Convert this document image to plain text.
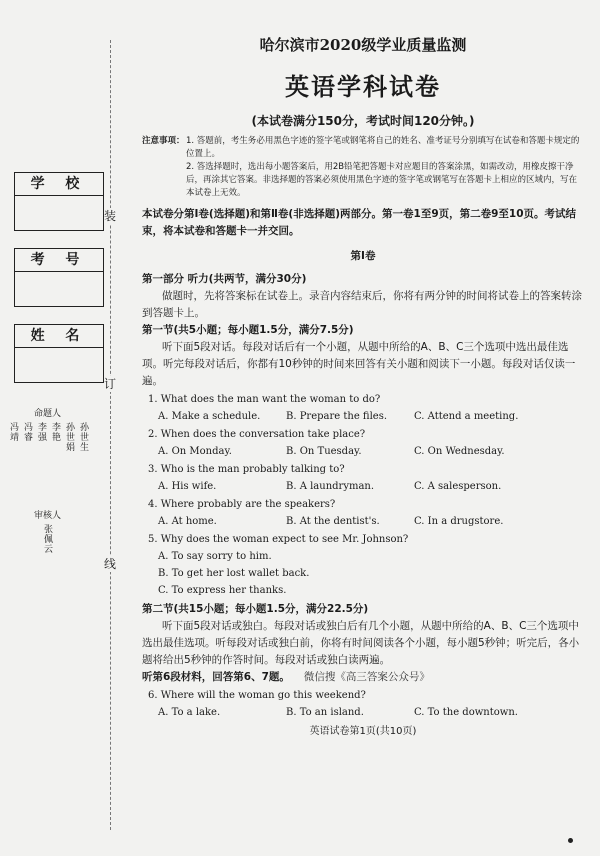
装
订
线
学 校
考 号
姓 名
命题人
冯靖 冯睿 李强 李艳 孙世娟 孙世生
审核人
张佩云
哈尔滨市2020级学业质量监测
英语学科试卷
(本试卷满分150分，考试时间120分钟。)
注意事项： 1. 答题前，考生务必用黑色字迹的签字笔或钢笔将自己的姓名、准考证号分别填写在试卷和答题卡规定的位置上。
2. 答选择题时，选出每小题答案后，用2B铅笔把答题卡对应题目的答案涂黑，如需改动，用橡皮擦干净后，再涂其它答案。非选择题的答案必须使用黑色字迹的签字笔或钢笔写在答题卡上相应的区域内，写在本试卷上无效。

本试卷分第Ⅰ卷(选择题)和第Ⅱ卷(非选择题)两部分。第一卷1至9页，第二卷9至10页。考试结束，将本试卷和答题卡一并交回。

第Ⅰ卷

第一部分 听力(共两节，满分30分)

做题时，先将答案标在试卷上。录音内容结束后，你将有两分钟的时间将试卷上的答案转涂到答题卡上。

第一节(共5小题；每小题1.5分，满分7.5分)

听下面5段对话。每段对话后有一个小题，从题中所给的A、B、C三个选项中选出最佳选项。听完每段对话后，你都有10秒钟的时间来回答有关小题和阅读下一小题。每段对话仅读一遍。

1. What does the man want the woman to do?
A. Make a schedule.	B. Prepare the files.	C. Attend a meeting.
2. When does the conversation take place?
A. On Monday.	B. On Tuesday.	C. On Wednesday.
3. Who is the man probably talking to?
A. His wife.	B. A laundryman.	C. A salesperson.
4. Where probably are the speakers?
A. At home.	B. At the dentist's.	C. In a drugstore.
5. Why does the woman expect to see Mr. Johnson?
A. To say sorry to him.
B. To get her lost wallet back.
C. To express her thanks.

第二节(共15小题；每小题1.5分，满分22.5分)

听下面5段对话或独白。每段对话或独白后有几个小题，从题中所给的A、B、C三个选项中选出最佳选项。听每段对话或独白前，你将有时间阅读各个小题，每小题5秒钟；听完后，各小题将给出5秒钟的作答时间。每段对话或独白读两遍。

听第6段材料，回答第6、7题。 微信搜《高三答案公众号》

6. Where will the woman go this weekend?
A. To a lake.	B. To an island.	C. To the downtown.
英语试卷第1页(共10页)
